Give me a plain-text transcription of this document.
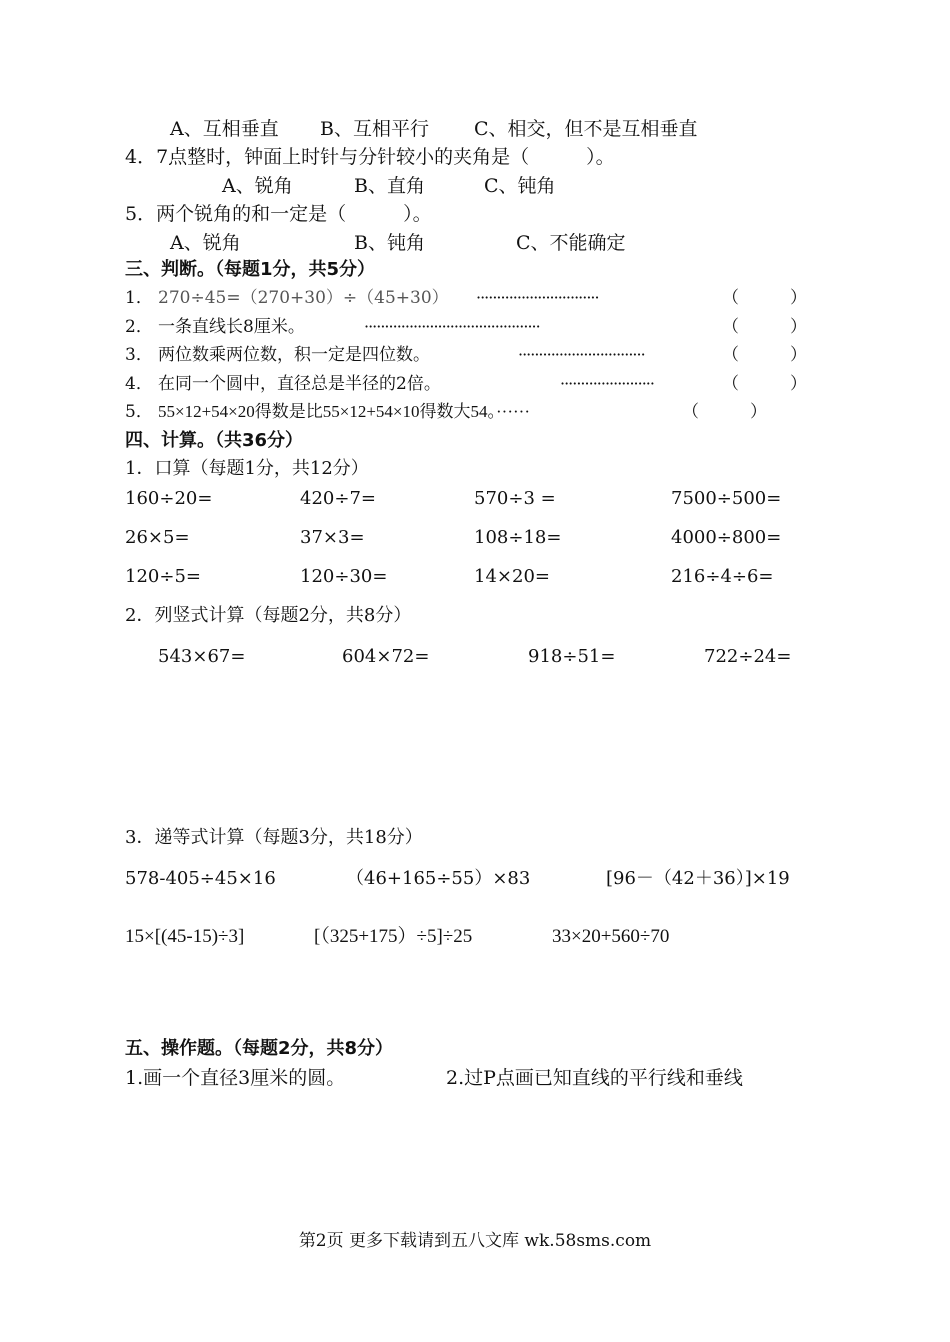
A、互相垂直 B、互相平行 C、相交，但不是互相垂直
4．7点整时，钟面上时针与分针较小的夹角是（　　　）。
A、锐角	B、直角	C、钝角
5．两个锐角的和一定是（　　　）。
A、锐角	B、钝角	C、不能确定
三、判断。（每题1分，共5分）
1． 270÷45=（270+30）÷（45+30） ······························	（　　　）
2． 一条直线长8厘米。	···········································	（　　　）
3． 两位数乘两位数，积一定是四位数。	·······························	（　　　）
4． 在同一个圆中，直径总是半径的2倍。	·······················	（　　　）
5． 55×12+54×20得数是比55×12+54×10得数大54。······	（　　　）
四、计算。（共36分）
1．口算（每题1分，共12分）
160÷20=	420÷7=	570÷3 =	7500÷500=
26×5=	37×3=	108÷18=	4000÷800=
120÷5=	120÷30=	14×20=	216÷4÷6=
2．列竖式计算（每题2分，共8分）
543×67=	604×72=	918÷51=	722÷24=
3．递等式计算（每题3分，共18分）
578-405÷45×16	（46+165÷55）×83	[96－（42＋36）]×19
15×[(45-15)÷3]	[（325+175）÷5]÷25	33×20+560÷70
五、操作题。（每题2分，共8分）
1.画一个直径3厘米的圆。	2.过P点画已知直线的平行线和垂线
第2页 更多下载请到五八文库 wk.58sms.com
